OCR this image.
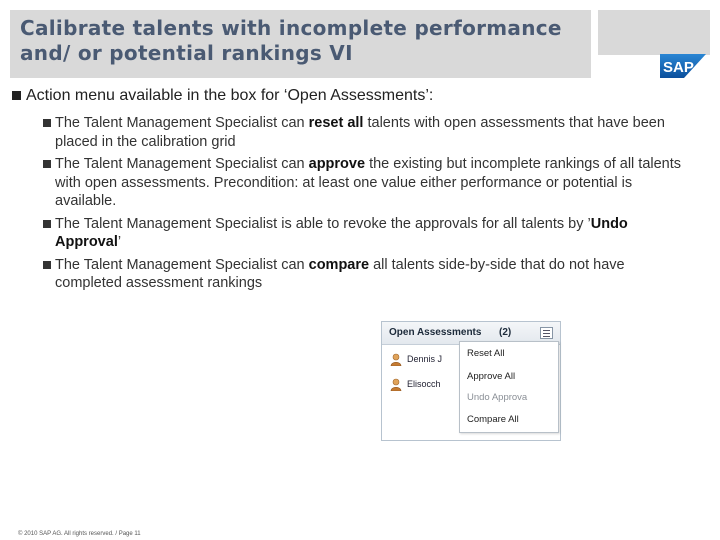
Calibrate talents with incomplete performance and/ or potential rankings VI
SAP
Action menu available in the box for ‘Open Assessments’:
The Talent Management Specialist can reset all talents with open assessments that have been placed in the calibration grid
The Talent Management Specialist can approve the existing but incomplete rankings of all talents with open assessments. Precondition: at least one value either performance or potential is available.
The Talent Management Specialist is able to revoke the approvals for all talents by ’Undo Approval’
The Talent Management Specialist can compare all talents side-by-side that do not have completed assessment rankings
Open Assessments (2)
Dennis J
Elisocch
Reset All
Approve All
Undo Approva
Compare All
© 2010 SAP AG. All rights reserved. / Page 11
